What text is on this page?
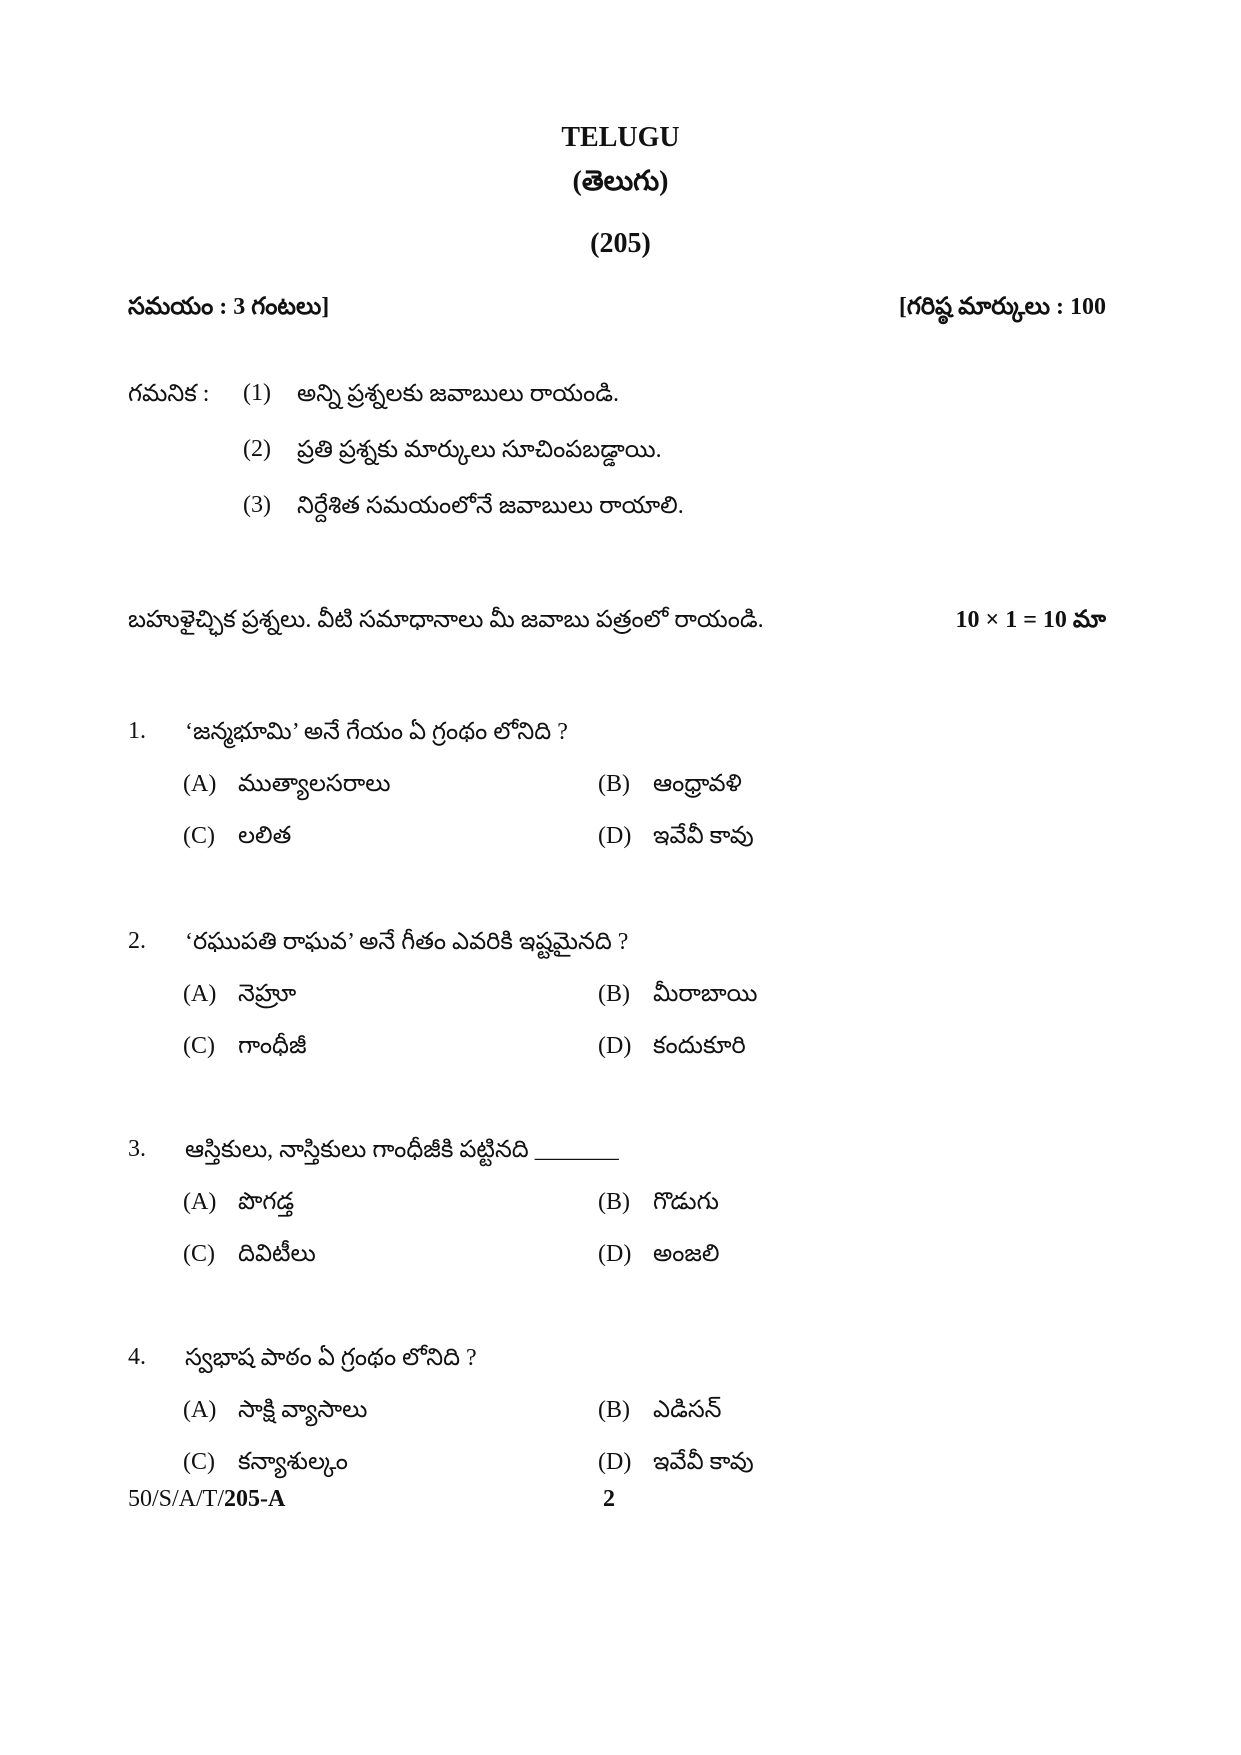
TELUGU
(తెలుగు)
(205)
సమయం : 3 గంటలు]	[గరిష్ఠ మార్కులు : 100
గమనిక : (1) అన్ని ప్రశ్నలకు జవాబులు రాయండి.
(2) ప్రతి ప్రశ్నకు మార్కులు సూచింపబడ్డాయి.
(3) నిర్దేశిత సమయంలోనే జవాబులు రాయాలి.
బహుళైచ్ఛిక ప్రశ్నలు. వీటి సమాధానాలు మీ జవాబు పత్రంలో రాయండి.	10 × 1 = 10 మా
1. ‘జన్మభూమి’ అనే గేయం ఏ గ్రంథం లోనిది ?
(A) ముత్యాలసరాలు	(B) ఆంధ్రావళి
(C) లలిత	(D) ఇవేవీ కావు
2. ‘రఘుపతి రాఘవ’ అనే గీతం ఎవరికి ఇష్టమైనది ?
(A) నెహ్రూ	(B) మీరాబాయి
(C) గాంధీజీ	(D) కందుకూరి
3. ఆస్తికులు, నాస్తికులు గాంధీజీకి పట్టినది _______
(A) పొగడ్త	(B) గొడుగు
(C) దివిటీలు	(D) అంజలి
4. స్వభాష పాఠం ఏ గ్రంథం లోనిది ?
(A) సాక్షి వ్యాసాలు	(B) ఎడిసన్
(C) కన్యాశుల్కం	(D) ఇవేవీ కావు
50/S/A/T/205-A	2
